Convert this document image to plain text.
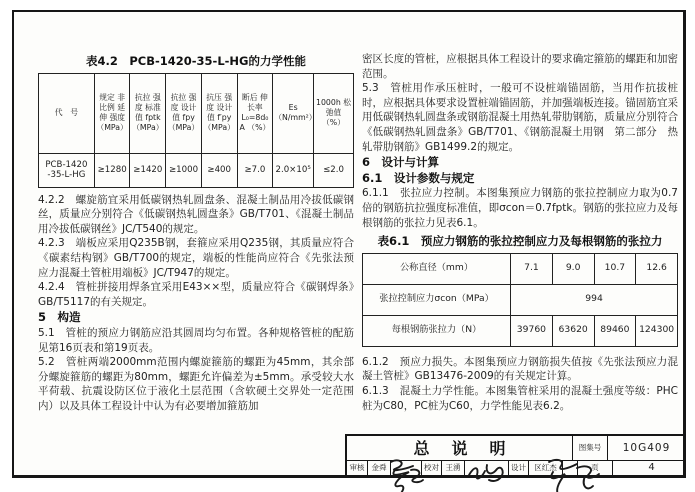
表4.2　PCB-1420-35-L-HG的力学性能
代　号	规定 非比例 延伸 强度 （MPa）	抗拉 强度 标准值 fptk （MPa）	抗拉 强度 设计值 fpy （MPa）	抗压 强度 设计值 f′py （MPa）	断后 伸长率 L₀=8d₀ A （%）	Es （N/mm²）	1000h 松弛值 （%）
PCB-1420 -35-L-HG	≥1280	≥1420	≥1000	≥400	≥7.0	2.0×10⁵	≤2.0

4.2.2　螺旋筋宜采用低碳钢热轧圆盘条、混凝土制品用冷拔低碳钢丝，质量应分别符合《低碳钢热轧圆盘条》GB/T701、《混凝土制品用冷拔低碳钢丝》JC/T540的规定。

4.2.3　端板应采用Q235B钢，套箍应采用Q235钢，其质量应符合《碳素结构钢》GB/T700的规定，端板的性能尚应符合《先张法预应力混凝土管桩用端板》JC/T947的规定。

4.2.4　管桩拼接用焊条宜采用E43××型，质量应符合《碳钢焊条》GB/T5117的有关规定。

5　构造

5.1　管桩的预应力钢筋应沿其圆周均匀布置。各种规格管桩的配筋见第16页表和第19页表。

5.2　管桩两端2000mm范围内螺旋箍筋的螺距为45mm，其余部分螺旋箍筋的螺距为80mm，螺距允许偏差为±5mm。承受较大水平荷载、抗震设防区位于液化土层范围（含软硬土交界处一定范围内）以及具体工程设计中认为有必要增加箍筋加

密区长度的管桩，应根据具体工程设计的要求确定箍筋的螺距和加密范围。

5.3　管桩用作承压桩时，一般可不设桩端锚固筋，当用作抗拔桩时，应根据具体要求设置桩端锚固筋，并加强端板连接。锚固筋宜采用低碳钢热轧圆盘条或钢筋混凝土用热轧带肋钢筋，质量应分别符合《低碳钢热轧圆盘条》GB/T701、《钢筋混凝土用钢　第二部分　热轧带肋钢筋》GB1499.2的规定。

6　设计与计算
6.1　设计参数与规定

6.1.1　张拉应力控制。本图集预应力钢筋的张拉控制应力取为0.7倍的钢筋抗拉强度标准值，即σcon＝0.7fptk。钢筋的张拉应力及每根钢筋的张拉力见表6.1。

表6.1　预应力钢筋的张拉控制应力及每根钢筋的张拉力
公称直径（mm）	7.1	9.0	10.7	12.6
张拉控制应力σcon（MPa）	994			
每根钢筋张拉力（N）	39760	63620	89460	124300

6.1.2　预应力损失。本图集预应力钢筋损失值按《先张法预应力混凝土管桩》GB13476-2009的有关规定计算。

6.1.3　混凝土力学性能。本图集管桩采用的混凝土强度等级：PHC桩为C80，PC桩为C60，力学性能见表6.2。

总说明	图集号	10G409
审核 金舜	校对 王湧	设计	区红杰	页	4
